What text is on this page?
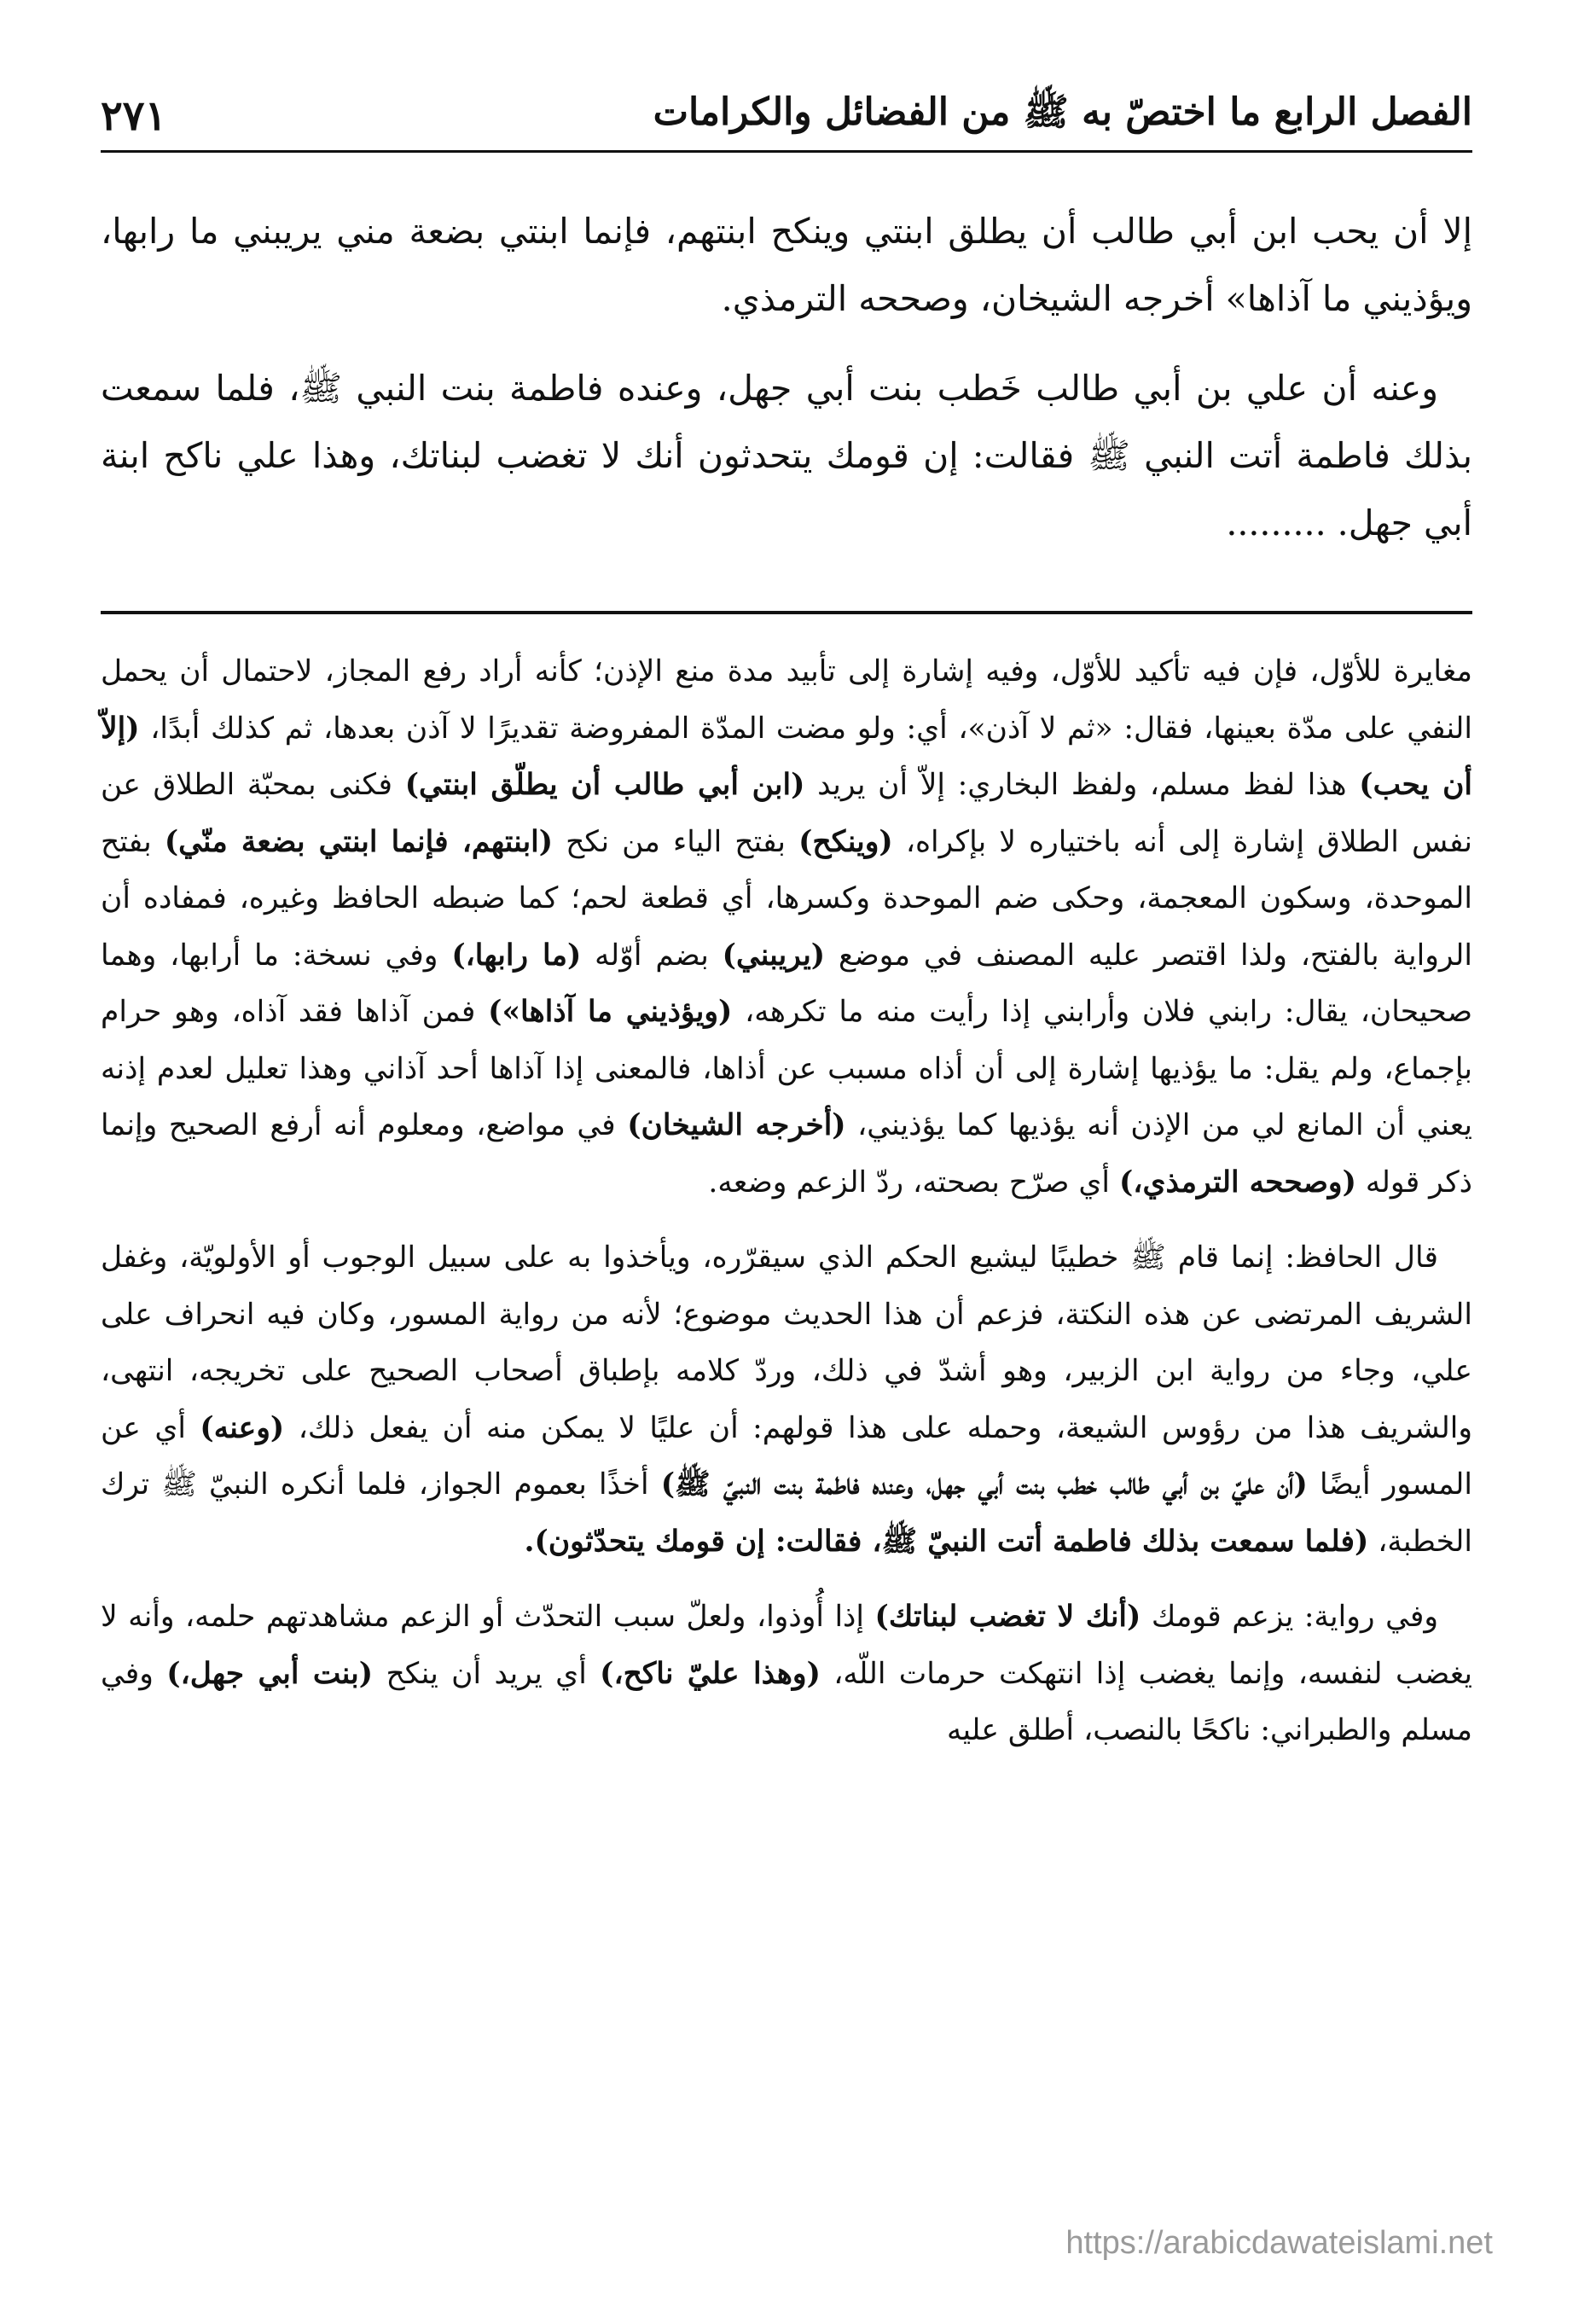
الفصل الرابع ما اختصّ به ﷺ من الفضائل والكرامات
٢٧١

إلا أن يحب ابن أبي طالب أن يطلق ابنتي وينكح ابنتهم، فإنما ابنتي بضعة مني يريبني ما رابها، ويؤذيني ما آذاها» أخرجه الشيخان، وصححه الترمذي.

وعنه أن علي بن أبي طالب خَطب بنت أبي جهل، وعنده فاطمة بنت النبي ﷺ، فلما سمعت بذلك فاطمة أتت النبي ﷺ فقالت: إن قومك يتحدثون أنك لا تغضب لبناتك، وهذا علي ناكح ابنة أبي جهل. .........

مغايرة للأوّل، فإن فيه تأكيد للأوّل، وفيه إشارة إلى تأبيد مدة منع الإذن؛ كأنه أراد رفع المجاز، لاحتمال أن يحمل النفي على مدّة بعينها، فقال: «ثم لا آذن»، أي: ولو مضت المدّة المفروضة تقديرًا لا آذن بعدها، ثم كذلك أبدًا، (إلاّ أن يحب) هذا لفظ مسلم، ولفظ البخاري: إلاّ أن يريد (ابن أبي طالب أن يطلّق ابنتي) فكنى بمحبّة الطلاق عن نفس الطلاق إشارة إلى أنه باختياره لا بإكراه، (وينكح) بفتح الياء من نكح (ابنتهم، فإنما ابنتي بضعة منّي) بفتح الموحدة، وسكون المعجمة، وحكى ضم الموحدة وكسرها، أي قطعة لحم؛ كما ضبطه الحافظ وغيره، فمفاده أن الرواية بالفتح، ولذا اقتصر عليه المصنف في موضع (يريبني) بضم أوّله (ما رابها،) وفي نسخة: ما أرابها، وهما صحيحان، يقال: رابني فلان وأرابني إذا رأيت منه ما تكرهه، (ويؤذيني ما آذاها») فمن آذاها فقد آذاه، وهو حرام بإجماع، ولم يقل: ما يؤذيها إشارة إلى أن أذاه مسبب عن أذاها، فالمعنى إذا آذاها أحد آذاني وهذا تعليل لعدم إذنه يعني أن المانع لي من الإذن أنه يؤذيها كما يؤذيني، (أخرجه الشيخان) في مواضع، ومعلوم أنه أرفع الصحيح وإنما ذكر قوله (وصححه الترمذي،) أي صرّح بصحته، ردّ الزعم وضعه.

قال الحافظ: إنما قام ﷺ خطيبًا ليشيع الحكم الذي سيقرّره، ويأخذوا به على سبيل الوجوب أو الأولويّة، وغفل الشريف المرتضى عن هذه النكتة، فزعم أن هذا الحديث موضوع؛ لأنه من رواية المسور، وكان فيه انحراف على علي، وجاء من رواية ابن الزبير، وهو أشدّ في ذلك، وردّ كلامه بإطباق أصحاب الصحيح على تخريجه، انتهى، والشريف هذا من رؤوس الشيعة، وحمله على هذا قولهم: أن عليًا لا يمكن منه أن يفعل ذلك، (وعنه) أي عن المسور أيضًا (أن عليّ بن أبي طالب خطب بنت أبي جهل، وعنده فاطمة بنت النبيّ ﷺ) أخذًا بعموم الجواز، فلما أنكره النبيّ ﷺ ترك الخطبة، (فلما سمعت بذلك فاطمة أتت النبيّ ﷺ، فقالت: إن قومك يتحدّثون).

وفي رواية: يزعم قومك (أنك لا تغضب لبناتك) إذا أُوذوا، ولعلّ سبب التحدّث أو الزعم مشاهدتهم حلمه، وأنه لا يغضب لنفسه، وإنما يغضب إذا انتهكت حرمات اللّه، (وهذا عليّ ناكح،) أي يريد أن ينكح (بنت أبي جهل،) وفي مسلم والطبراني: ناكحًا بالنصب، أطلق عليه

https://arabicdawateislami.net
